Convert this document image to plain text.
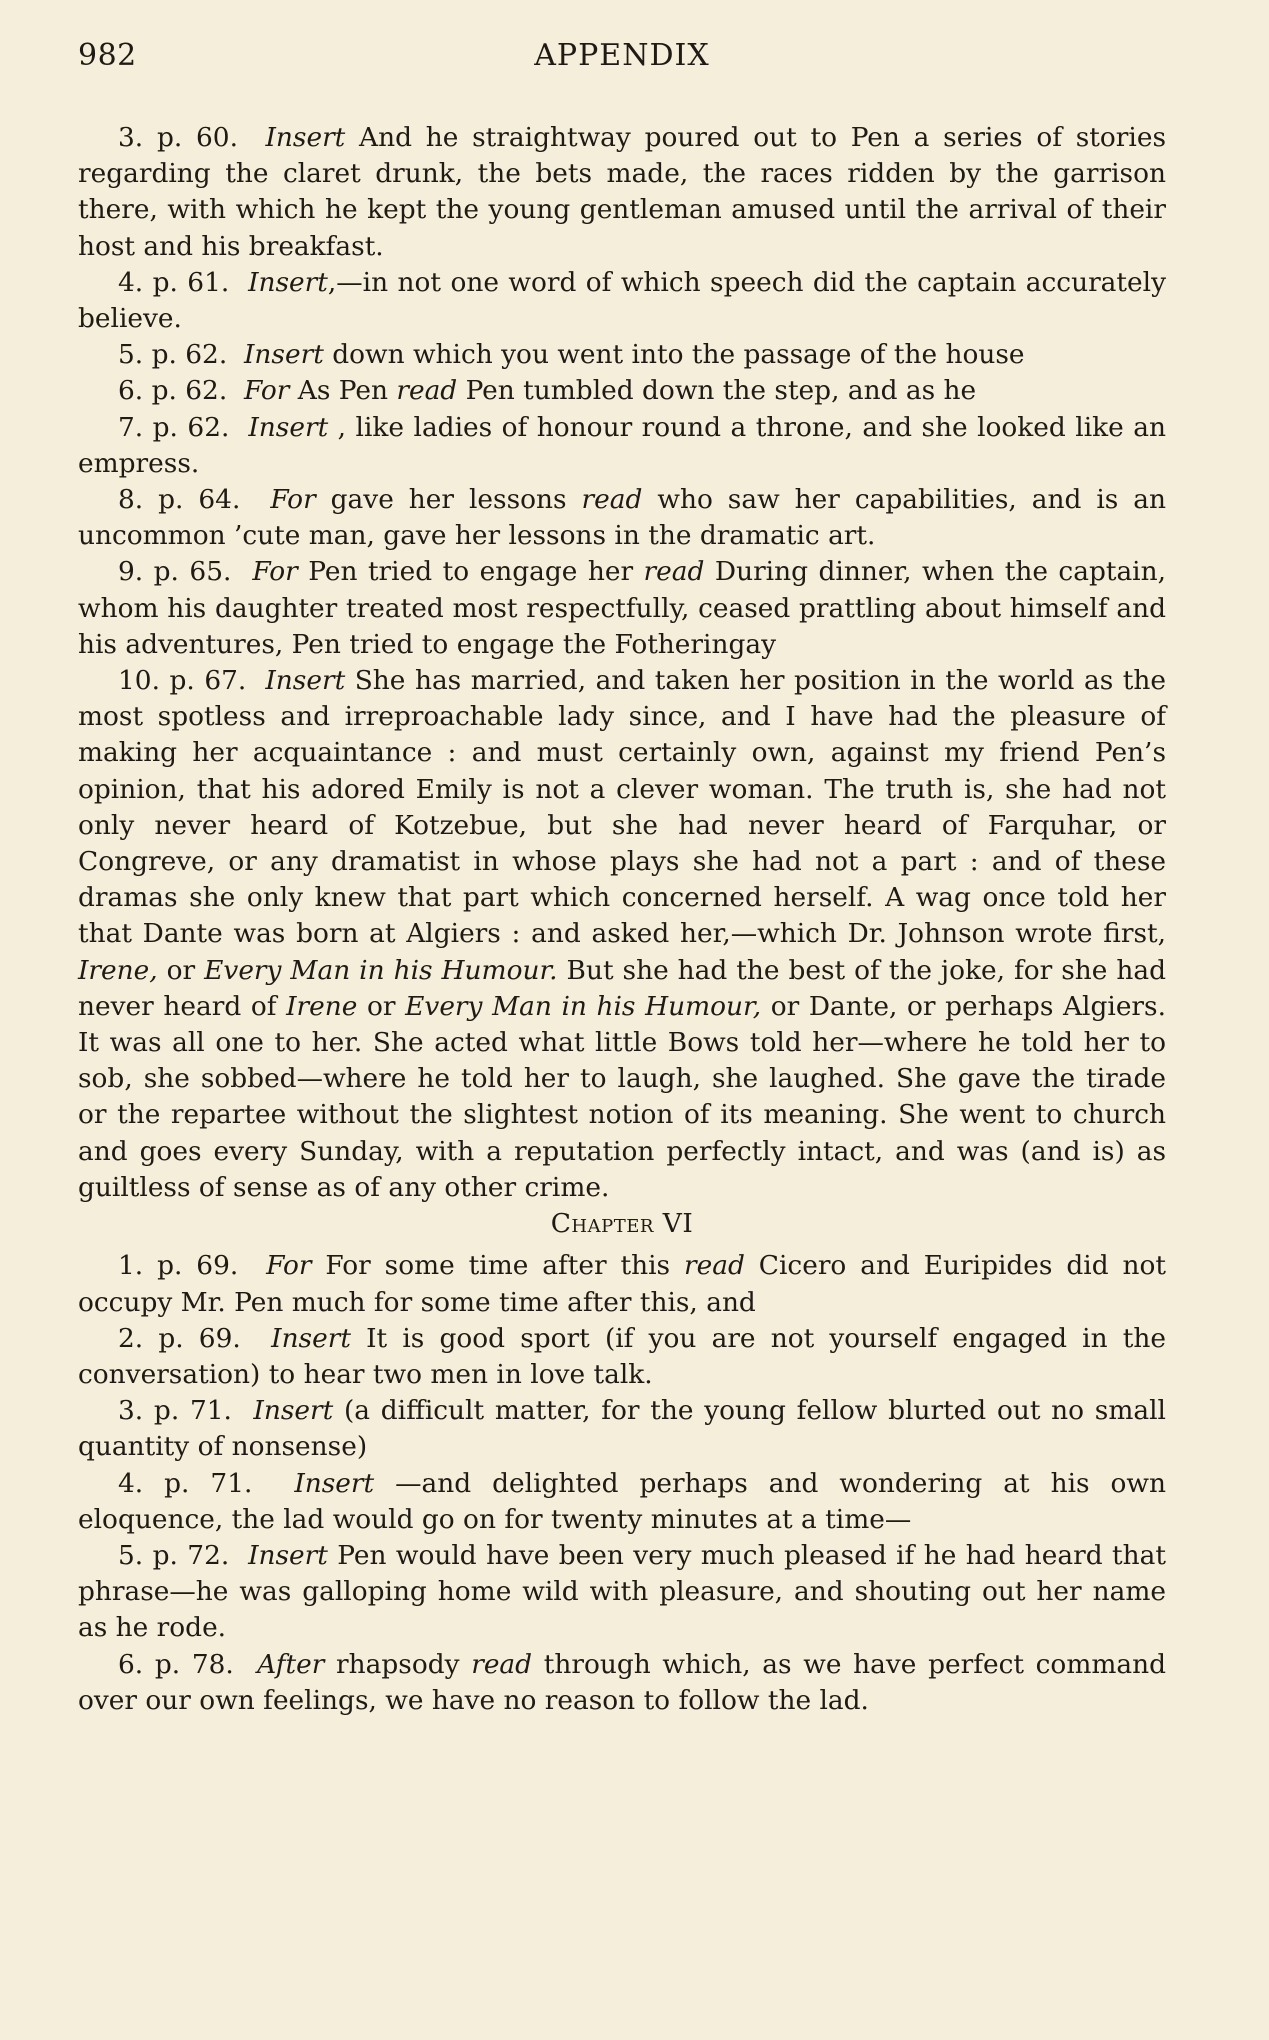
982	APPENDIX

3. p. 60. Insert And he straightway poured out to Pen a series of stories regarding the claret drunk, the bets made, the races ridden by the garrison there, with which he kept the young gentleman amused until the arrival of their host and his breakfast.

4. p. 61. Insert,—in not one word of which speech did the captain accurately believe.

5. p. 62. Insert down which you went into the passage of the house

6. p. 62. For As Pen read Pen tumbled down the step, and as he

7. p. 62. Insert , like ladies of honour round a throne, and she looked like an empress.

8. p. 64. For gave her lessons read who saw her capabilities, and is an uncommon ’cute man, gave her lessons in the dramatic art.

9. p. 65. For Pen tried to engage her read During dinner, when the captain, whom his daughter treated most respectfully, ceased prattling about himself and his adventures, Pen tried to engage the Fotheringay

10. p. 67. Insert She has married, and taken her position in the world as the most spotless and irreproachable lady since, and I have had the pleasure of making her acquaintance : and must certainly own, against my friend Pen’s opinion, that his adored Emily is not a clever woman. The truth is, she had not only never heard of Kotzebue, but she had never heard of Farquhar, or Congreve, or any dramatist in whose plays she had not a part : and of these dramas she only knew that part which concerned herself. A wag once told her that Dante was born at Algiers : and asked her,—which Dr. Johnson wrote first, Irene, or Every Man in his Humour. But she had the best of the joke, for she had never heard of Irene or Every Man in his Humour, or Dante, or perhaps Algiers. It was all one to her. She acted what little Bows told her—where he told her to sob, she sobbed—where he told her to laugh, she laughed. She gave the tirade or the repartee without the slightest notion of its meaning. She went to church and goes every Sunday, with a reputation perfectly intact, and was (and is) as guiltless of sense as of any other crime.

Chapter VI

1. p. 69. For For some time after this read Cicero and Euripides did not occupy Mr. Pen much for some time after this, and

2. p. 69. Insert It is good sport (if you are not yourself engaged in the conversation) to hear two men in love talk.

3. p. 71. Insert (a difficult matter, for the young fellow blurted out no small quantity of nonsense)

4. p. 71. Insert —and delighted perhaps and wondering at his own eloquence, the lad would go on for twenty minutes at a time—

5. p. 72. Insert Pen would have been very much pleased if he had heard that phrase—he was galloping home wild with pleasure, and shouting out her name as he rode.

6. p. 78. After rhapsody read through which, as we have perfect command over our own feelings, we have no reason to follow the lad.
